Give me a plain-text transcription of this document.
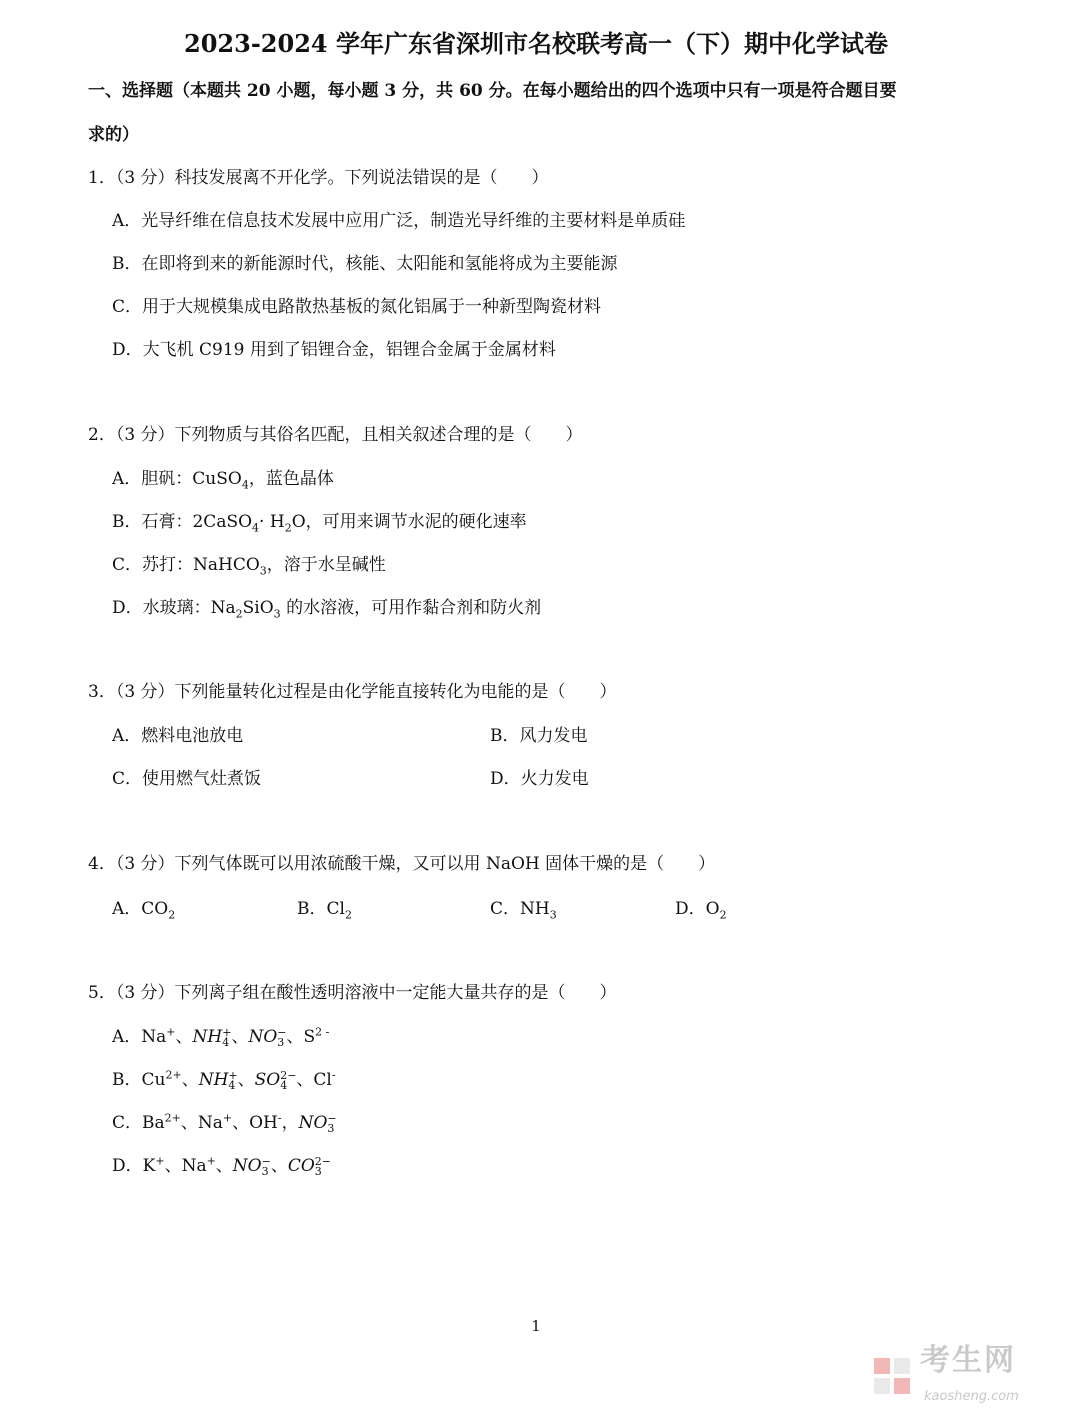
2023-2024 学年广东省深圳市名校联考高一（下）期中化学试卷
一、选择题（本题共 20 小题，每小题 3 分，共 60 分。在每小题给出的四个选项中只有一项是符合题目要
求的）
1．（3 分）科技发展离不开化学。下列说法错误的是（　　）
A．光导纤维在信息技术发展中应用广泛，制造光导纤维的主要材料是单质硅
B．在即将到来的新能源时代，核能、太阳能和氢能将成为主要能源
C．用于大规模集成电路散热基板的氮化铝属于一种新型陶瓷材料
D．大飞机 C919 用到了铝锂合金，铝锂合金属于金属材料
2．（3 分）下列物质与其俗名匹配，且相关叙述合理的是（　　）
A．胆矾：CuSO$_4$，蓝色晶体
B．石膏：2CaSO$_4$· $H_2O$，可用来调节水泥的硬化速率
C．苏打：NaHCO$_3$，溶于水呈碱性
D．水玻璃：$Na_2SiO_3$ 的水溶液，可用作黏合剂和防火剂
3．（3 分）下列能量转化过程是由化学能直接转化为电能的是（　　）
A．燃料电池放电	B．风力发电
C．使用燃气灶煮饭	D．火力发电
4．（3 分）下列气体既可以用浓硫酸干燥，又可以用 NaOH 固体干燥的是（　　）
A．$CO_2$	B．$Cl_2$	C．$NH_3$	D．$O_2$
5．（3 分）下列离子组在酸性透明溶液中一定能大量共存的是（　　）
A．Na+、NH +
4 、NO −
3 、$S^{2 -}$
B．$Cu^{2+}$、NH +
4 、SO 2−
4 、Cl-
C．$Ba^{2+}$、Na+、OH-，NO −
3
D．K+、Na+、NO −
3 、CO 2−
3
1
考生网
kaosheng.com
